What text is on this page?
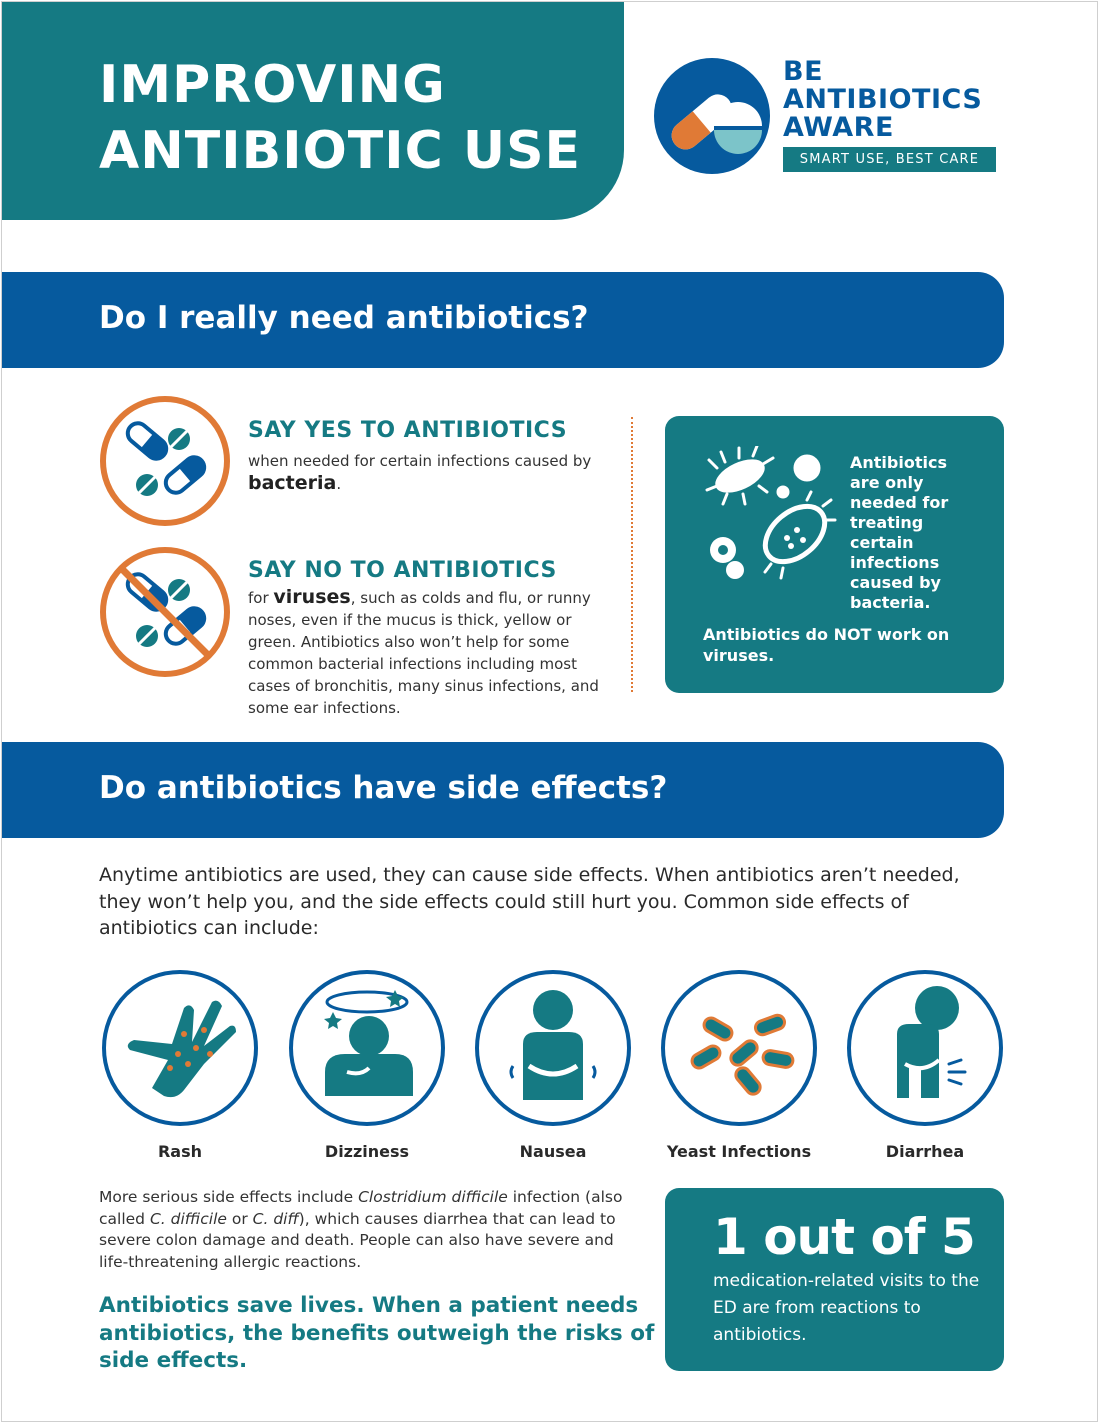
IMPROVING
ANTIBIOTIC USE
BE
ANTIBIOTICS
AWARE
SMART USE, BEST CARE
Do I really need antibiotics?
SAY YES TO ANTIBIOTICS
when needed for certain infections caused by bacteria.
SAY NO TO ANTIBIOTICS
for viruses, such as colds and flu, or runny noses, even if the mucus is thick, yellow or green. Antibiotics also won’t help for some common bacterial infections including most cases of bronchitis, many sinus infections, and some ear infections.
Antibiotics are only needed for treating certain infections caused by bacteria.
Antibiotics do NOT work on viruses.
Do antibiotics have side effects?
Anytime antibiotics are used, they can cause side effects. When antibiotics aren’t needed, they won’t help you, and the side effects could still hurt you. Common side effects of antibiotics can include:
Rash	Dizziness	Nausea	Yeast Infections	Diarrhea
More serious side effects include Clostridium difficile infection (also called C. difficile or C. diff), which causes diarrhea that can lead to severe colon damage and death. People can also have severe and life-threatening allergic reactions.
Antibiotics save lives. When a patient needs antibiotics, the benefits outweigh the risks of side effects.
1 out of 5
medication-related visits to the ED are from reactions to antibiotics.
